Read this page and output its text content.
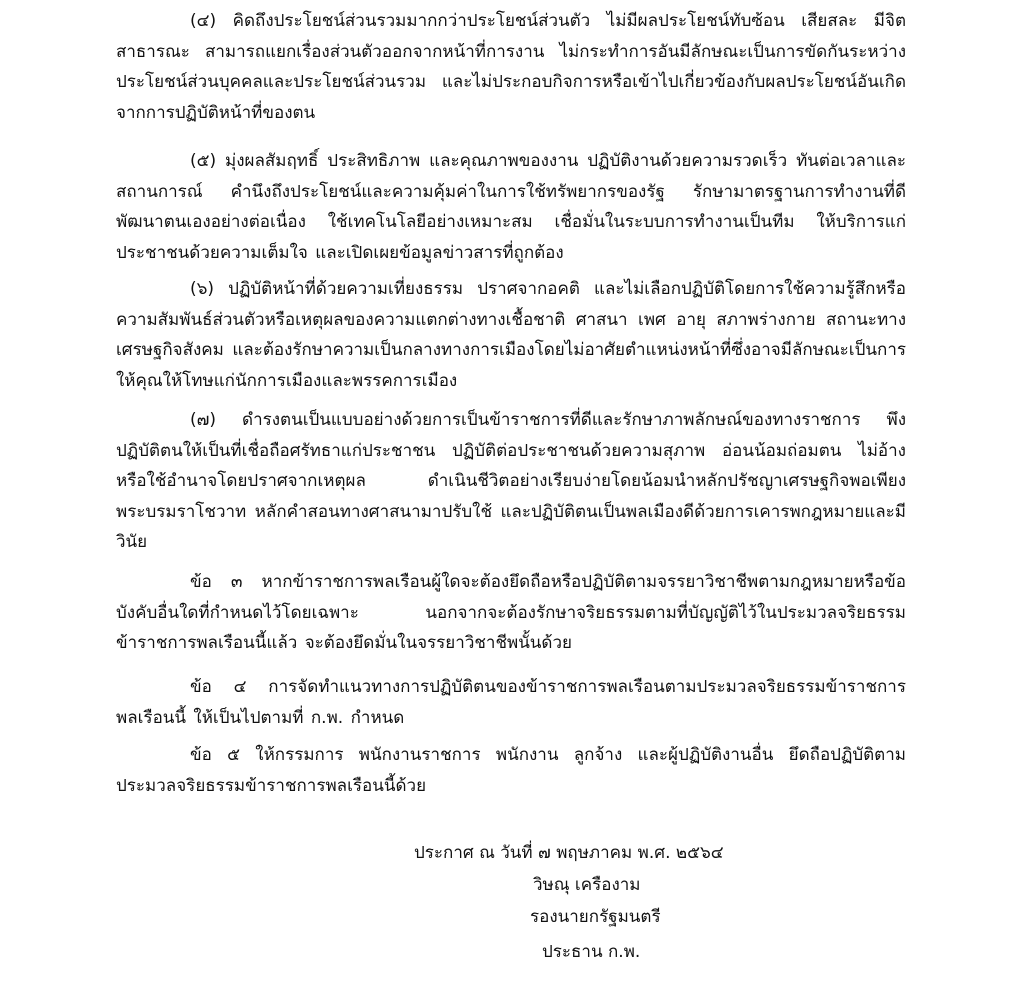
(๔) คิดถึงประโยชน์ส่วนรวมมากกว่าประโยชน์ส่วนตัว ไม่มีผลประโยชน์ทับซ้อน เสียสละ มีจิตสาธารณะ สามารถแยกเรื่องส่วนตัวออกจากหน้าที่การงาน ไม่กระทำการอันมีลักษณะเป็นการขัดกันระหว่างประโยชน์ส่วนบุคคลและประโยชน์ส่วนรวม และไม่ประกอบกิจการหรือเข้าไปเกี่ยวข้องกับผลประโยชน์อันเกิดจากการปฏิบัติหน้าที่ของตน

(๕) มุ่งผลสัมฤทธิ์ ประสิทธิภาพ และคุณภาพของงาน ปฏิบัติงานด้วยความรวดเร็ว ทันต่อเวลาและสถานการณ์ คำนึงถึงประโยชน์และความคุ้มค่าในการใช้ทรัพยากรของรัฐ รักษามาตรฐานการทำงานที่ดี พัฒนาตนเองอย่างต่อเนื่อง ใช้เทคโนโลยีอย่างเหมาะสม เชื่อมั่นในระบบการทำงานเป็นทีม ให้บริการแก่ประชาชนด้วยความเต็มใจ และเปิดเผยข้อมูลข่าวสารที่ถูกต้อง

(๖) ปฏิบัติหน้าที่ด้วยความเที่ยงธรรม ปราศจากอคติ และไม่เลือกปฏิบัติโดยการใช้ความรู้สึกหรือความสัมพันธ์ส่วนตัวหรือเหตุผลของความแตกต่างทางเชื้อชาติ ศาสนา เพศ อายุ สภาพร่างกาย สถานะทางเศรษฐกิจสังคม และต้องรักษาความเป็นกลางทางการเมืองโดยไม่อาศัยตำแหน่งหน้าที่ซึ่งอาจมีลักษณะเป็นการให้คุณให้โทษแก่นักการเมืองและพรรคการเมือง

(๗) ดำรงตนเป็นแบบอย่างด้วยการเป็นข้าราชการที่ดีและรักษาภาพลักษณ์ของทางราชการ พึงปฏิบัติตนให้เป็นที่เชื่อถือศรัทธาแก่ประชาชน ปฏิบัติต่อประชาชนด้วยความสุภาพ อ่อนน้อมถ่อมตน ไม่อ้างหรือใช้อำนาจโดยปราศจากเหตุผล ดำเนินชีวิตอย่างเรียบง่ายโดยน้อมนำหลักปรัชญาเศรษฐกิจพอเพียง พระบรมราโชวาท หลักคำสอนทางศาสนามาปรับใช้ และปฏิบัติตนเป็นพลเมืองดีด้วยการเคารพกฎหมายและมีวินัย

ข้อ ๓ หากข้าราชการพลเรือนผู้ใดจะต้องยึดถือหรือปฏิบัติตามจรรยาวิชาชีพตามกฎหมายหรือข้อบังคับอื่นใดที่กำหนดไว้โดยเฉพาะ นอกจากจะต้องรักษาจริยธรรมตามที่บัญญัติไว้ในประมวลจริยธรรมข้าราชการพลเรือนนี้แล้ว จะต้องยึดมั่นในจรรยาวิชาชีพนั้นด้วย

ข้อ ๔ การจัดทำแนวทางการปฏิบัติตนของข้าราชการพลเรือนตามประมวลจริยธรรมข้าราชการพลเรือนนี้ ให้เป็นไปตามที่ ก.พ. กำหนด

ข้อ ๕ ให้กรรมการ พนักงานราชการ พนักงาน ลูกจ้าง และผู้ปฏิบัติงานอื่น ยึดถือปฏิบัติตามประมวลจริยธรรมข้าราชการพลเรือนนี้ด้วย

ประกาศ ณ วันที่ ๗ พฤษภาคม พ.ศ. ๒๕๖๔
วิษณุ เครืองาม
รองนายกรัฐมนตรี
ประธาน ก.พ.
